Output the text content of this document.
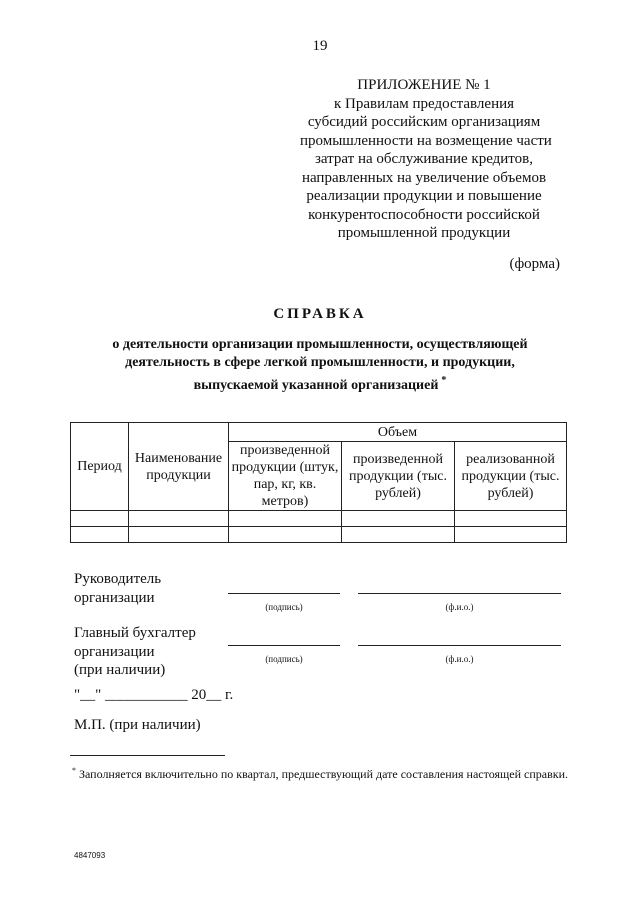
19
ПРИЛОЖЕНИЕ № 1
к Правилам предоставления
субсидий российским организациям
промышленности на возмещение части
затрат на обслуживание кредитов,
направленных на увеличение объемов
реализации продукции и повышение
конкурентоспособности российской
промышленной продукции
(форма)
СПРАВКА
о деятельности организации промышленности, осуществляющей
деятельность в сфере легкой промышленности, и продукции,
выпускаемой указанной организацией *
Период	Наименование продукции	Объем		
		произведенной продукции (штук, пар, кг, кв. метров)	произведенной продукции (тыс. рублей)	реализованной продукции (тыс. рублей)

Руководитель
организации
(подпись)	(ф.и.о.)
Главный бухгалтер
организации
(при наличии)
(подпись)	(ф.и.о.)
"__" ___________ 20__ г.
М.П. (при наличии)
* Заполняется включительно по квартал, предшествующий дате составления настоящей справки.
4847093
